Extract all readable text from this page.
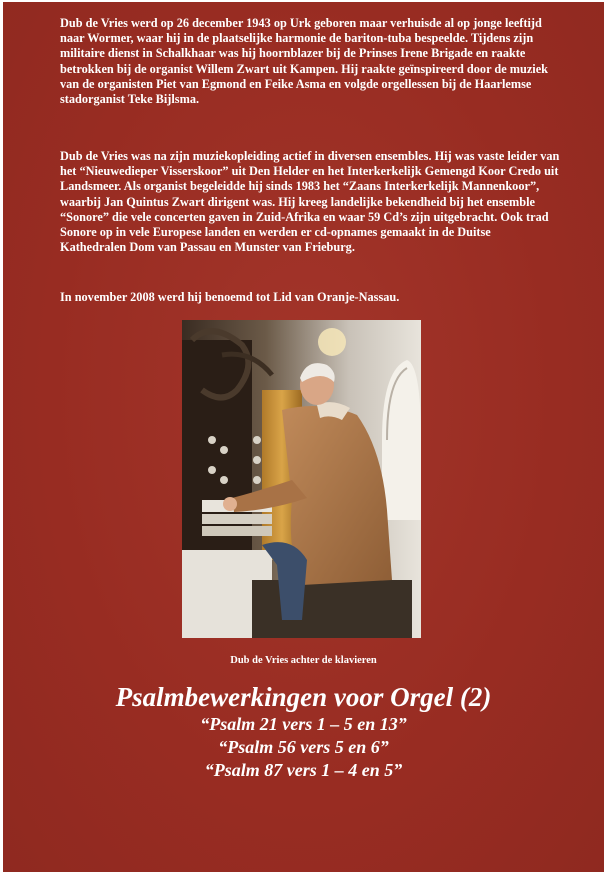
Dub de Vries werd op 26 december 1943 op Urk geboren maar verhuisde al op jonge leeftijd naar Wormer, waar hij in de plaatselijke harmonie de bariton-tuba bespeelde. Tijdens zijn militaire dienst in Schalkhaar was hij hoornblazer bij de Prinses Irene Brigade en raakte betrokken bij de organist Willem Zwart uit Kampen. Hij raakte geïnspireerd door de muziek van de organisten Piet van Egmond en Feike Asma en volgde orgellessen bij de Haarlemse stadorganist Teke Bijlsma.

Dub de Vries was na zijn muziekopleiding actief in diversen ensembles. Hij was vaste leider van het “Nieuwedieper Visserskoor” uit Den Helder en het Interkerkelijk Gemengd Koor Credo uit Landsmeer. Als organist begeleidde hij sinds 1983 het “Zaans Interkerkelijk Mannenkoor”, waarbij Jan Quintus Zwart dirigent was. Hij kreeg landelijke bekendheid bij het ensemble “Sonore” die vele concerten gaven in Zuid-Afrika en waar 59 Cd’s zijn uitgebracht. Ook trad Sonore op in vele Europese landen en werden er cd-opnames gemaakt in de Duitse Kathedralen Dom van Passau en Munster van Frieburg.

In november 2008 werd hij benoemd tot Lid van Oranje-Nassau.

Dub de Vries achter de klavieren
Psalmbewerkingen voor Orgel (2)
“Psalm 21 vers 1 – 5 en 13”
“Psalm 56 vers 5 en 6”
“Psalm 87 vers 1 – 4 en 5”
